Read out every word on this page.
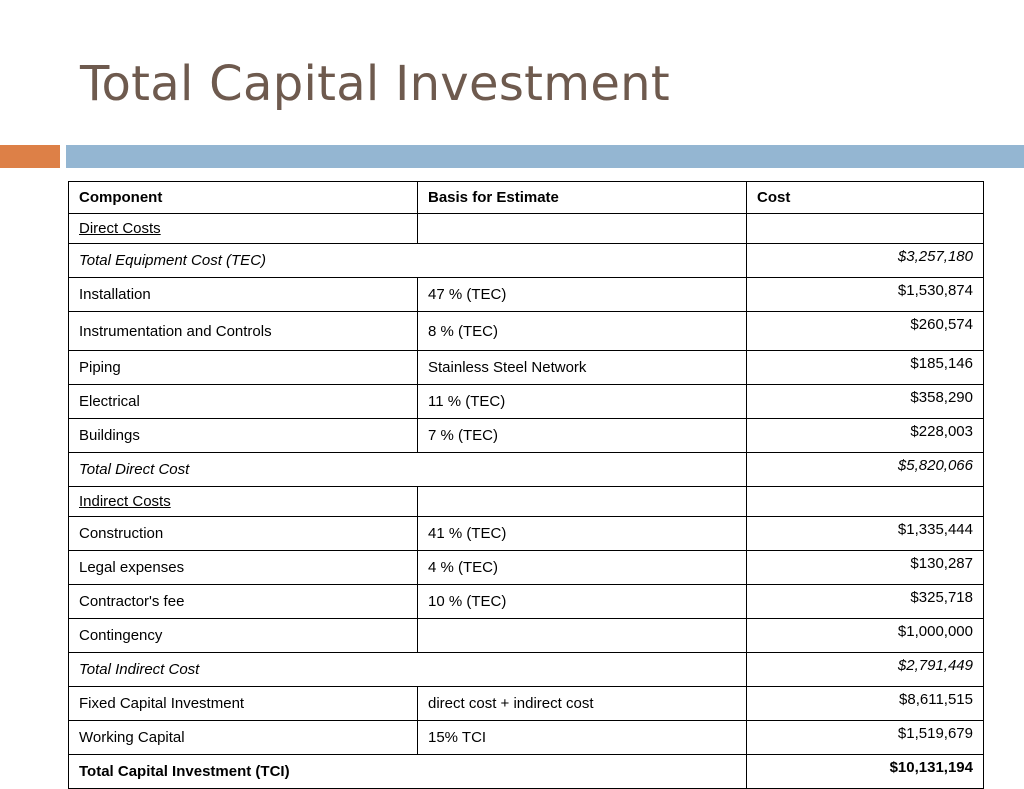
Total Capital Investment
Component	Basis for Estimate	Cost
Direct Costs		
Total Equipment Cost (TEC)		$3,257,180
Installation	47 % (TEC)	$1,530,874
Instrumentation and Controls	8 % (TEC)	$260,574
Piping	Stainless Steel Network	$185,146
Electrical	11 % (TEC)	$358,290
Buildings	7 % (TEC)	$228,003
Total Direct Cost		$5,820,066
Indirect Costs		
Construction	41 % (TEC)	$1,335,444
Legal expenses	4 % (TEC)	$130,287
Contractor's fee	10 % (TEC)	$325,718
Contingency		$1,000,000
Total Indirect Cost		$2,791,449
Fixed Capital Investment	direct cost + indirect cost	$8,611,515
Working Capital	15% TCI	$1,519,679
Total Capital Investment (TCI)		$10,131,194
